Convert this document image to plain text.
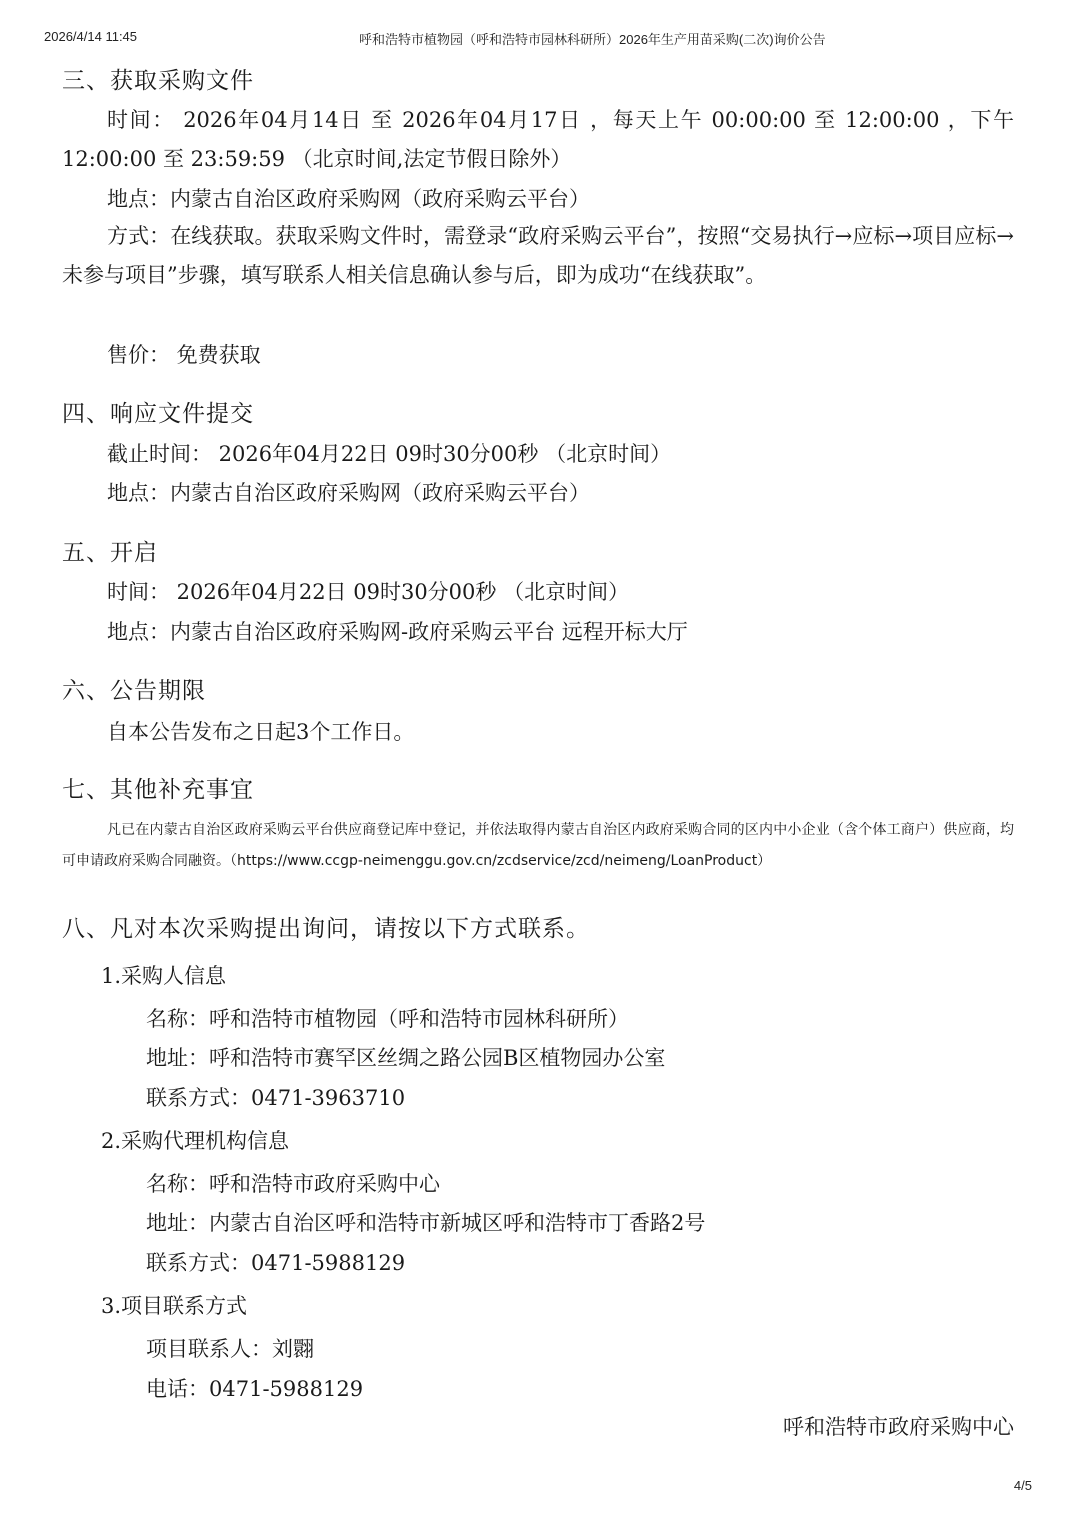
2026/4/14 11:45	呼和浩特市植物园（呼和浩特市园林科研所）2026年生产用苗采购(二次)询价公告
三、获取采购文件
时间： 2026年04月14日 至 2026年04月17日 ，每天上午 00:00:00 至 12:00:00 ，下午 12:00:00 至 23:59:59 （北京时间,法定节假日除外）
地点：内蒙古自治区政府采购网（政府采购云平台）
方式：在线获取。获取采购文件时，需登录“政府采购云平台”，按照“交易执行→应标→项目应标→未参与项目”步骤，填写联系人相关信息确认参与后，即为成功“在线获取”。
售价： 免费获取
四、响应文件提交
截止时间： 2026年04月22日 09时30分00秒 （北京时间）
地点：内蒙古自治区政府采购网（政府采购云平台）
五、开启
时间： 2026年04月22日 09时30分00秒 （北京时间）
地点：内蒙古自治区政府采购网-政府采购云平台 远程开标大厅
六、公告期限
自本公告发布之日起3个工作日。
七、其他补充事宜
凡已在内蒙古自治区政府采购云平台供应商登记库中登记，并依法取得内蒙古自治区内政府采购合同的区内中小企业（含个体工商户）供应商，均可申请政府采购合同融资。（https://www.ccgp-neimenggu.gov.cn/zcdservice/zcd/neimeng/LoanProduct）
八、凡对本次采购提出询问，请按以下方式联系。
1.采购人信息
名称：呼和浩特市植物园（呼和浩特市园林科研所）
地址：呼和浩特市赛罕区丝绸之路公园B区植物园办公室
联系方式：0471-3963710
2.采购代理机构信息
名称：呼和浩特市政府采购中心
地址：内蒙古自治区呼和浩特市新城区呼和浩特市丁香路2号
联系方式：0471-5988129
3.项目联系方式
项目联系人：刘翾
电话：0471-5988129
呼和浩特市政府采购中心
4/5
